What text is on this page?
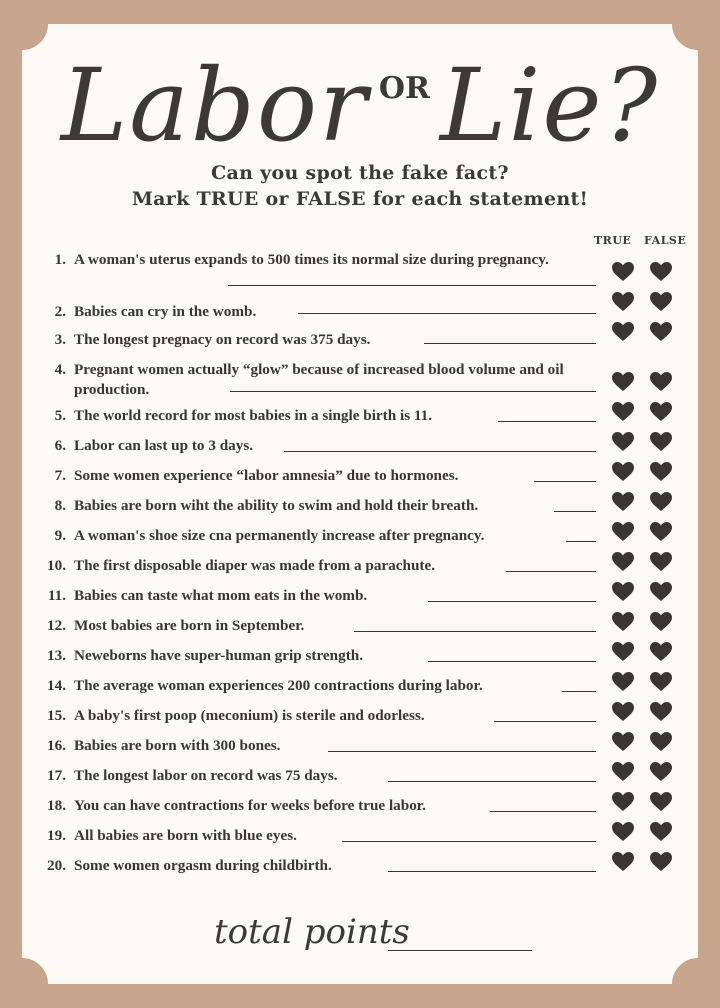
Labor OR Lie?
Can you spot the fake fact?
Mark TRUE or FALSE for each statement!
TRUE FALSE
1. A woman's uterus expands to 500 times its normal size during pregnancy.
2. Babies can cry in the womb.
3. The longest pregnacy on record was 375 days.
4. Pregnant women actually “glow” because of increased blood volume and oil production.
5. The world record for most babies in a single birth is 11.
6. Labor can last up to 3 days.
7. Some women experience “labor amnesia” due to hormones.
8. Babies are born wiht the ability to swim and hold their breath.
9. A woman's shoe size cna permanently increase after pregnancy.
10. The first disposable diaper was made from a parachute.
11. Babies can taste what mom eats in the womb.
12. Most babies are born in September.
13. Neweborns have super-human grip strength.
14. The average woman experiences 200 contractions during labor.
15. A baby's first poop (meconium) is sterile and odorless.
16. Babies are born with 300 bones.
17. The longest labor on record was 75 days.
18. You can have contractions for weeks before true labor.
19. All babies are born with blue eyes.
20. Some women orgasm during childbirth.
total points
